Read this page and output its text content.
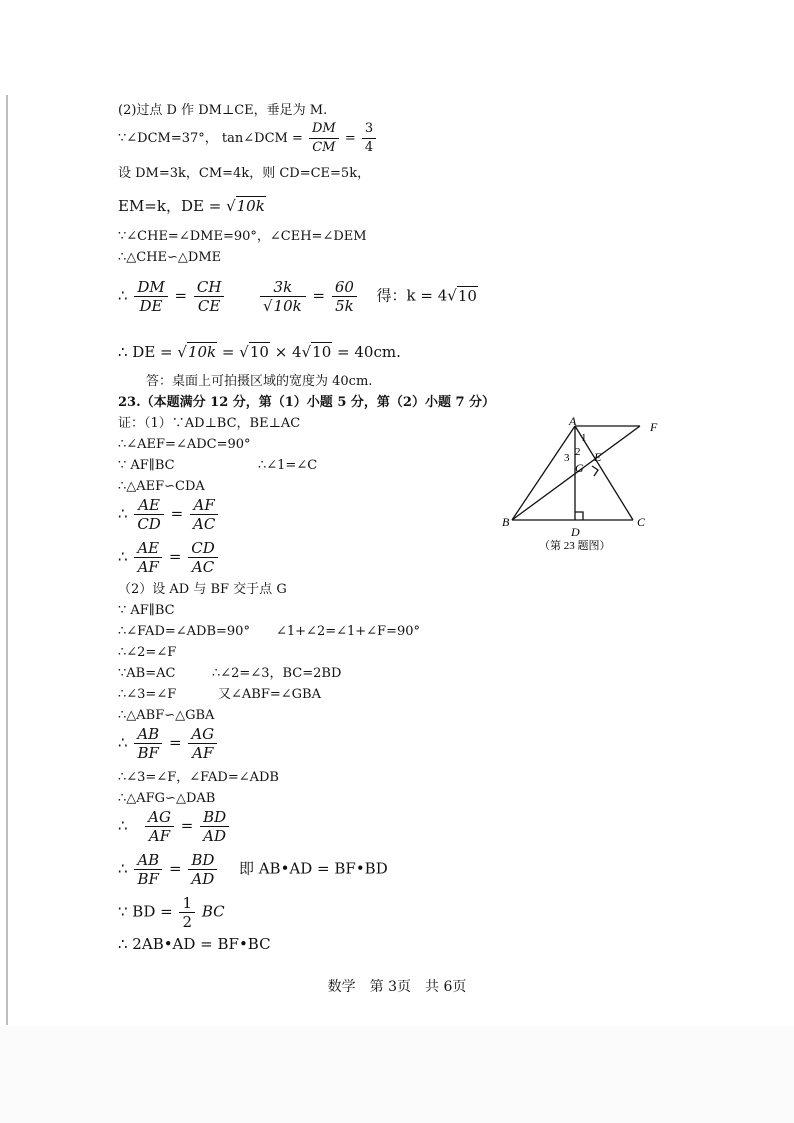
(2)过点 D 作 DM⊥CE，垂足为 M.
∵∠DCM=37°， tan∠DCM = $\frac{DM}{CM} = \frac{3}{4}$
设 DM=3k，CM=4k，则 CD=CE=5k，
EM=k，DE = √10k
∵∠CHE=∠DME=90°，∠CEH=∠DEM
∴△CHE∽△DME
∴ $\frac{DM}{DE} = \frac{CH}{CE}$
$\frac{3k}{√10k} = \frac{60}{5k}$ 得：k = 4√10
∴ DE = √10k = √10 × 4√10 = 40cm.
答：桌面上可拍摄区域的宽度为 40cm.
23.（本题满分 12 分，第（1）小题 5 分，第（2）小题 7 分）
证：（1）∵AD⊥BC，BE⊥AC
∴∠AEF=∠ADC=90°
∵ AF∥BC	∴∠1=∠C
∴△AEF∽CDA
∴ $\frac{AE}{CD} = \frac{AF}{AC}$
∴ $\frac{AE}{AF} = \frac{CD}{AC}$
（2）设 AD 与 BF 交于点 G
∵ AF∥BC
∴∠FAD=∠ADB=90° ∠1+∠2=∠1+∠F=90°
∴∠2=∠F
∵AB=AC	∴∠2=∠3，BC=2BD
∴∠3=∠F	又∠ABF=∠GBA
∴△ABF∽△GBA
∴ $\frac{AB}{BF} = \frac{AG}{AF}$
∴∠3=∠F，∠FAD=∠ADB
∴△AFG∽△DAB
∴ $\frac{AG}{AF} = \frac{BD}{AD}$
∴ $\frac{AB}{BF} = \frac{BD}{AD}$ 即 AB•AD = BF•BD
∵ BD = $\frac{1}{2}$ BC
∴ 2AB•AD = BF•BC
A	F
E
G
B
D
C
1
2
3
（第 23 题图）
数学　第 3页　共 6页
